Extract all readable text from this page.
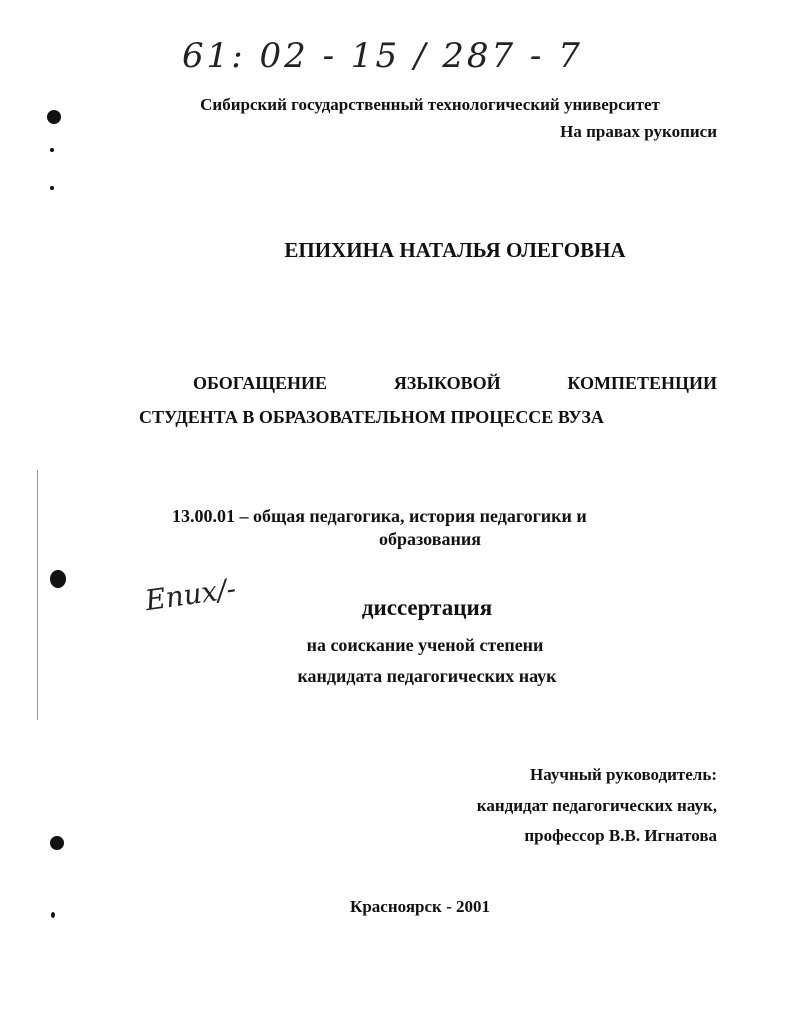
61: 02 - 15 / 287 - 7
Сибирский государственный технологический университет
На правах рукописи
ЕПИХИНА НАТАЛЬЯ ОЛЕГОВНА
ОБОГАЩЕНИЕ	ЯЗЫКОВОЙ	КОМПЕТЕНЦИИ
СТУДЕНТА В ОБРАЗОВАТЕЛЬНОМ ПРОЦЕССЕ ВУЗА
13.00.01 – общая педагогика, история педагогики и
образования
Епих/-	диссертация
на соискание ученой степени
кандидата педагогических наук
Научный руководитель:
кандидат педагогических наук,
профессор В.В. Игнатова
Красноярск - 2001
